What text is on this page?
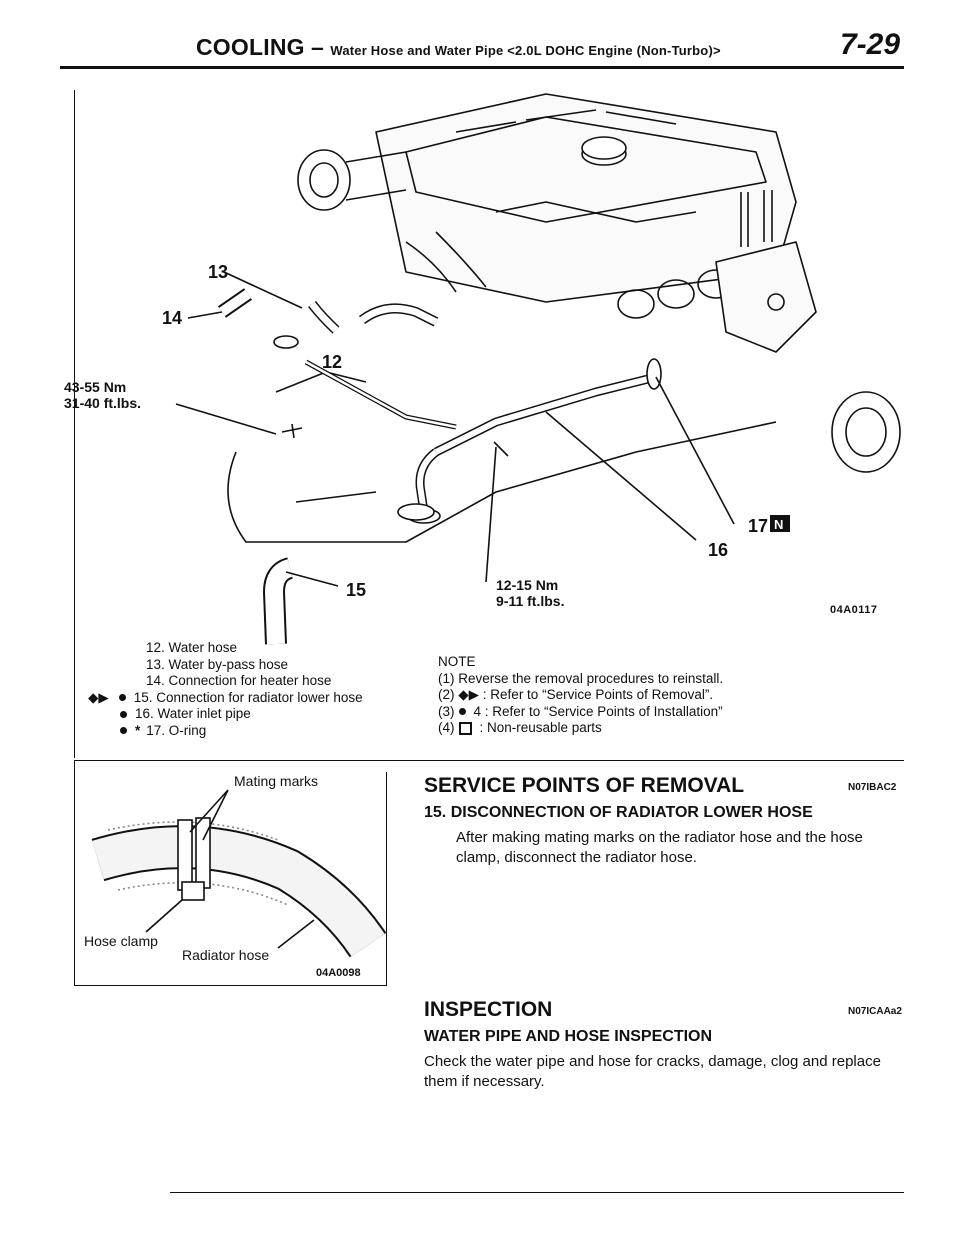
COOLING – Water Hose and Water Pipe <2.0L DOHC Engine (Non-Turbo)>	7-29
13
14
12
16
17
15
43-55 Nm
31-40 ft.lbs.
12-15 Nm
9-11 ft.lbs.
N
04A0117
12. Water hose
13. Water by-pass hose
14. Connection for heater hose
◆▶ 15. Connection for radiator lower hose
16. Water inlet pipe
* 17. O-ring
NOTE
(1) Reverse the removal procedures to reinstall.
(2) ◆▶ : Refer to “Service Points of Removal”.
(3) 4 : Refer to “Service Points of Installation”
(4) : Non-reusable parts
Mating marks
Hose clamp
Radiator hose
04A0098
SERVICE POINTS OF REMOVAL	N07IBAC2
15. DISCONNECTION OF RADIATOR LOWER HOSE
After making mating marks on the radiator hose and the hose clamp, disconnect the radiator hose.
INSPECTION	N07ICAAa2
WATER PIPE AND HOSE INSPECTION
Check the water pipe and hose for cracks, damage, clog and replace them if necessary.
